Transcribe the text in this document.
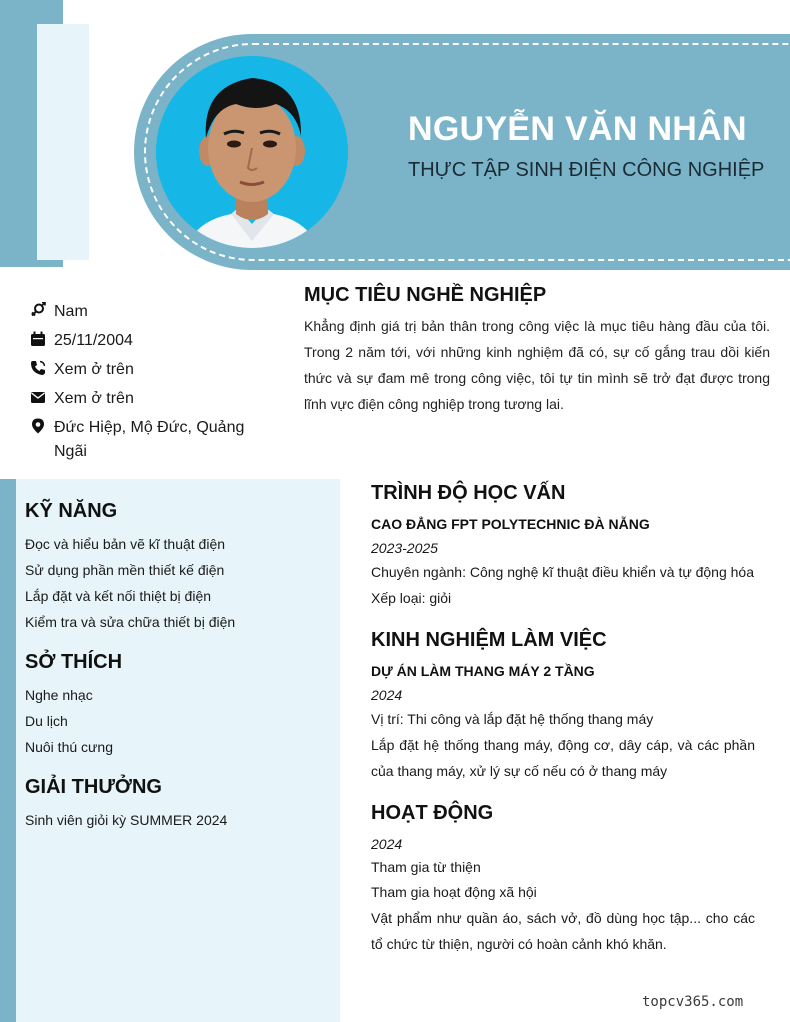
NGUYỄN VĂN NHÂN
THỰC TẬP SINH ĐIỆN CÔNG NGHIỆP
Nam
25/11/2004
Xem ở trên
Xem ở trên
Đức Hiệp, Mộ Đức, Quảng Ngãi
MỤC TIÊU NGHỀ NGHIỆP
Khẳng định giá trị bản thân trong công việc là mục tiêu hàng đầu của tôi. Trong 2 năm tới, với những kinh nghiệm đã có, sự cố gắng trau dồi kiến thức và sự đam mê trong công việc, tôi tự tin mình sẽ trở đạt được trong lĩnh vực điện công nghiệp trong tương lai.
KỸ NĂNG
Đọc và hiểu bản vẽ kĩ thuật điện
Sử dụng phần mền thiết kế điện
Lắp đặt và kết nối thiệt bị điện
Kiểm tra và sửa chữa thiết bị điện
SỞ THÍCH
Nghe nhạc
Du lịch
Nuôi thú cưng
GIẢI THƯỞNG
Sinh viên giỏi kỳ SUMMER 2024
TRÌNH ĐỘ HỌC VẤN
CAO ĐẲNG FPT POLYTECHNIC ĐÀ NẴNG
2023-2025
Chuyên ngành: Công nghệ kĩ thuật điều khiển và tự động hóa
Xếp loại: giỏi
KINH NGHIỆM LÀM VIỆC
DỰ ÁN LÀM THANG MÁY 2 TẦNG
2024
Vị trí: Thi công và lắp đặt hệ thống thang máy
Lắp đặt hệ thống thang máy, động cơ, dây cáp, và các phần của thang máy, xử lý sự cố nếu có ở thang máy
HOẠT ĐỘNG
2024
Tham gia từ thiện
Tham gia hoạt động xã hội
Vật phẩm như quần áo, sách vở, đồ dùng học tập... cho các tổ chức từ thiện, người có hoàn cảnh khó khăn.
topcv365.com
